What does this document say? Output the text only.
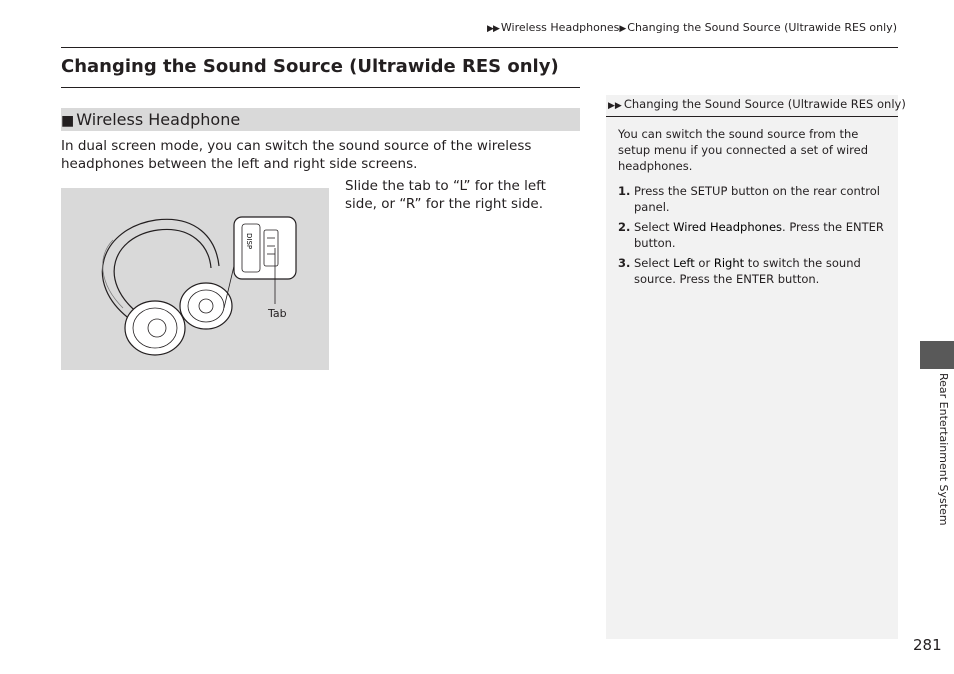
▶▶ Wireless Headphones▶ Changing the Sound Source (Ultrawide RES only)
Changing the Sound Source (Ultrawide RES only)
■ Wireless Headphone

In dual screen mode, you can switch the sound source of the wireless headphones between the left and right side screens.

DISP
Tab

Slide the tab to “L” for the left side, or “R” for the right side.

▶▶ Changing the Sound Source (Ultrawide RES only)

You can switch the sound source from the setup menu if you connected a set of wired headphones.

1. Press the SETUP button on the rear control panel.
2. Select Wired Headphones. Press the ENTER button.
3. Select Left or Right to switch the sound source. Press the ENTER button.
Rear Entertainment System
281
